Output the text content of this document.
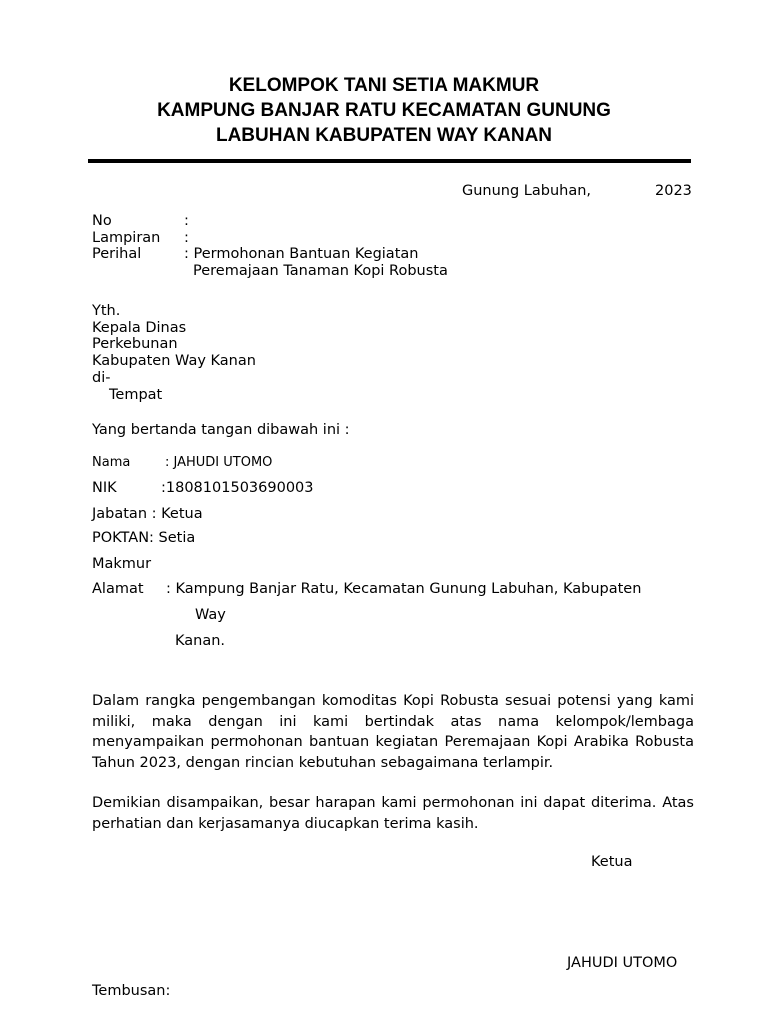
KELOMPOK TANI SETIA MAKMUR
KAMPUNG BANJAR RATU KECAMATAN GUNUNG
LABUHAN KABUPATEN WAY KANAN
Gunung Labuhan,	2023
No	:
Lampiran :
Perihal	: Permohonan Bantuan Kegiatan
Peremajaan Tanaman Kopi Robusta
Yth.
Kepala Dinas
Perkebunan
Kabupaten Way Kanan
di-
Tempat
Yang bertanda tangan dibawah ini :
Nama	: JAHUDI UTOMO
NIK	:1808101503690003
Jabatan : Ketua
POKTAN: Setia
Makmur
Alamat : Kampung Banjar Ratu, Kecamatan Gunung Labuhan, Kabupaten
Way
Kanan.
Dalam rangka pengembangan komoditas Kopi Robusta sesuai potensi yang kami miliki, maka dengan ini kami bertindak atas nama kelompok/lembaga menyampaikan permohonan bantuan kegiatan Peremajaan Kopi Arabika Robusta Tahun 2023, dengan rincian kebutuhan sebagaimana terlampir.
Demikian disampaikan, besar harapan kami permohonan ini dapat diterima. Atas perhatian dan kerjasamanya diucapkan terima kasih.
Ketua
JAHUDI UTOMO
Tembusan:
